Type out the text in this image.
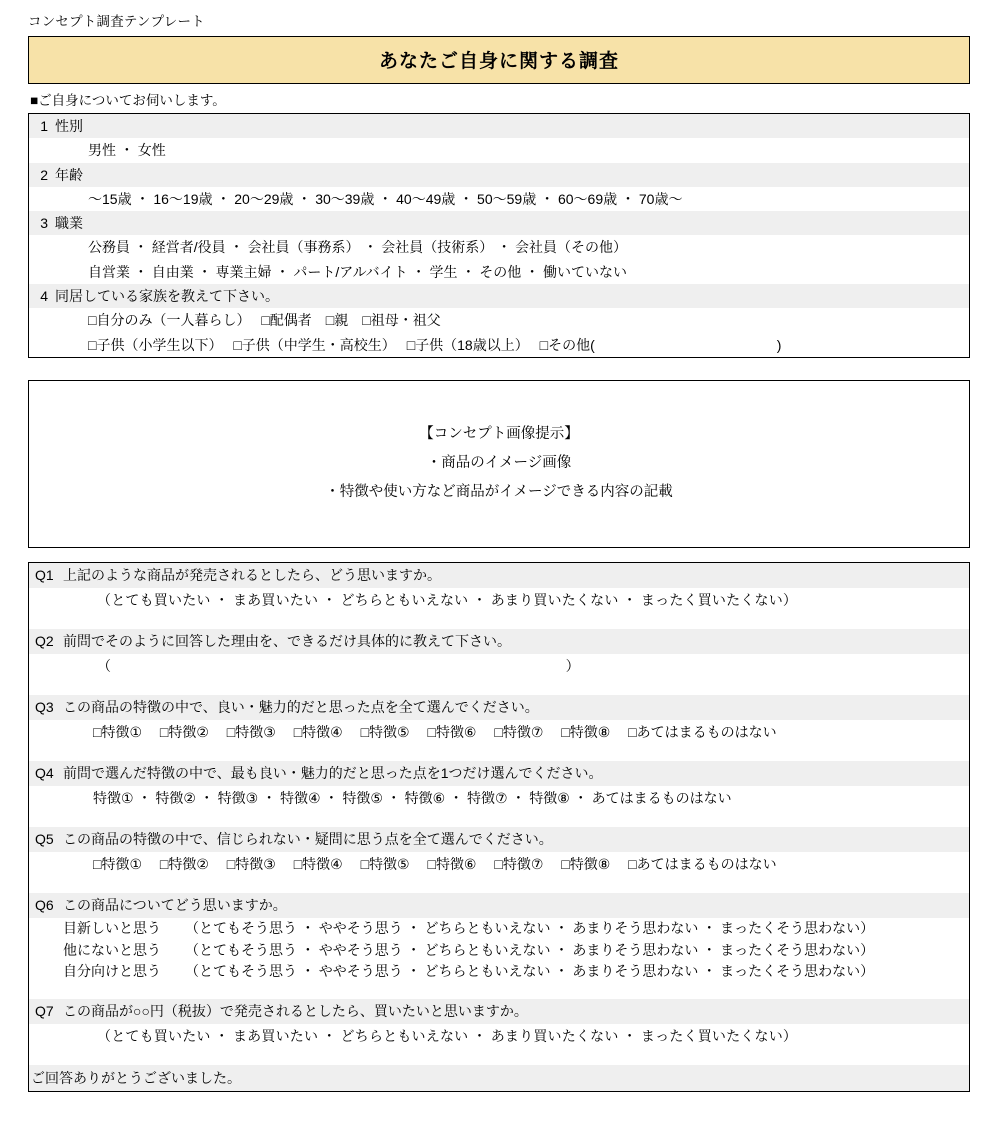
コンセプト調査テンプレート
あなたご自身に関する調査
■ご自身についてお伺いします。
1 性別
男性 ・ 女性
2 年齢
～15歳 ・ 16～19歳 ・ 20～29歳 ・ 30～39歳 ・ 40～49歳 ・ 50～59歳 ・ 60～69歳 ・ 70歳～
3 職業
公務員 ・ 経営者/役員 ・ 会社員（事務系） ・ 会社員（技術系） ・ 会社員（その他）
自営業 ・ 自由業 ・ 専業主婦 ・ パート/アルバイト ・ 学生 ・ その他 ・ 働いていない
4 同居している家族を教えて下さい。
□自分のみ（一人暮らし）　 □配偶者　□親　□祖母・祖父
□子供（小学生以下）　 □子供（中学生・高校生）　 □子供（18歳以上）　 □その他(　　　　　　　　　　　　　)
【コンセプト画像提示】
・商品のイメージ画像
・特徴や使い方など商品がイメージできる内容の記載
Q1 上記のような商品が発売されるとしたら、どう思いますか。
（とても買いたい ・ まあ買いたい ・ どちらともいえない ・ あまり買いたくない ・ まったく買いたくない）
Q2 前問でそのように回答した理由を、できるだけ具体的に教えて下さい。
（　　　　　　　　　　　　　　　　　　　　　　　　　　　　　　　　）
Q3 この商品の特徴の中で、良い・魅力的だと思った点を全て選んでください。
□特徴① 　□特徴② 　□特徴③ 　□特徴④ 　□特徴⑤ 　□特徴⑥ 　□特徴⑦ 　□特徴⑧ 　□あてはまるものはない
Q4 前問で選んだ特徴の中で、最も良い・魅力的だと思った点を1つだけ選んでください。
特徴① ・ 特徴② ・ 特徴③ ・ 特徴④ ・ 特徴⑤ ・ 特徴⑥ ・ 特徴⑦ ・ 特徴⑧ ・ あてはまるものはない
Q5 この商品の特徴の中で、信じられない・疑問に思う点を全て選んでください。
□特徴① 　□特徴② 　□特徴③ 　□特徴④ 　□特徴⑤ 　□特徴⑥ 　□特徴⑦ 　□特徴⑧ 　□あてはまるものはない
Q6 この商品についてどう思いますか。
目新しいと思う	（とてもそう思う ・ ややそう思う ・ どちらともいえない ・ あまりそう思わない ・ まったくそう思わない）
他にないと思う	（とてもそう思う ・ ややそう思う ・ どちらともいえない ・ あまりそう思わない ・ まったくそう思わない）
自分向けと思う	（とてもそう思う ・ ややそう思う ・ どちらともいえない ・ あまりそう思わない ・ まったくそう思わない）
Q7 この商品が○○円（税抜）で発売されるとしたら、買いたいと思いますか。
（とても買いたい ・ まあ買いたい ・ どちらともいえない ・ あまり買いたくない ・ まったく買いたくない）
ご回答ありがとうございました。
